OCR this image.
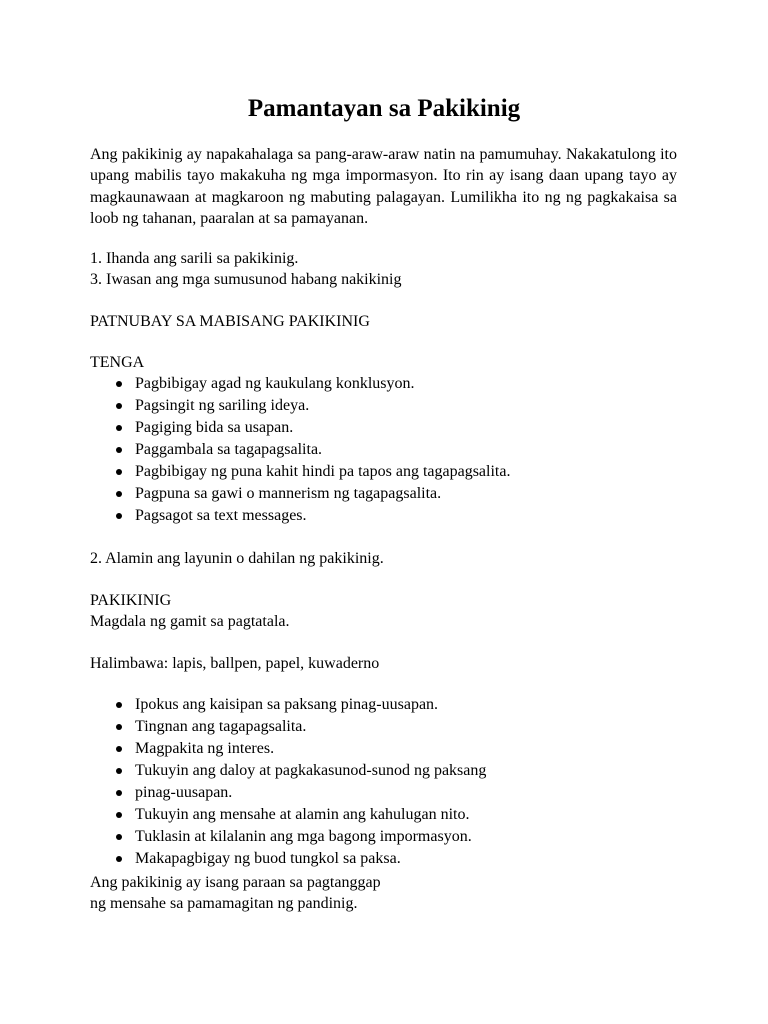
Pamantayan sa Pakikinig

Ang pakikinig ay napakahalaga sa pang-araw-araw natin na pamumuhay. Nakakatulong ito upang mabilis tayo makakuha ng mga impormasyon. Ito rin ay isang daan upang tayo ay magkaunawaan at magkaroon ng mabuting palagayan. Lumilikha ito ng ng pagkakaisa sa loob ng tahanan, paaralan at sa pamayanan.

1. Ihanda ang sarili sa pakikinig.

3. Iwasan ang mga sumusunod habang nakikinig

PATNUBAY SA MABISANG PAKIKINIG

TENGA

Pagbibigay agad ng kaukulang konklusyon.
Pagsingit ng sariling ideya.
Pagiging bida sa usapan.
Paggambala sa tagapagsalita.
Pagbibigay ng puna kahit hindi pa tapos ang tagapagsalita.
Pagpuna sa gawi o mannerism ng tagapagsalita.
Pagsagot sa text messages.

2. Alamin ang layunin o dahilan ng pakikinig.

PAKIKINIG

Magdala ng gamit sa pagtatala.

Halimbawa: lapis, ballpen, papel, kuwaderno

Ipokus ang kaisipan sa paksang pinag-uusapan.
Tingnan ang tagapagsalita.
Magpakita ng interes.
Tukuyin ang daloy at pagkakasunod-sunod ng paksang
pinag-uusapan.
Tukuyin ang mensahe at alamin ang kahulugan nito.
Tuklasin at kilalanin ang mga bagong impormasyon.
Makapagbigay ng buod tungkol sa paksa.

Ang pakikinig ay isang paraan sa pagtanggap

ng mensahe sa pamamagitan ng pandinig.
